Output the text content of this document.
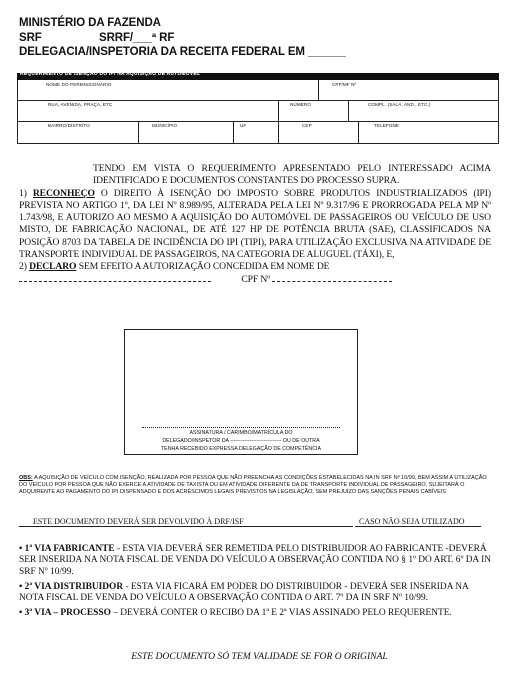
MINISTÉRIO DA FAZENDA
SRF	SRRF/___ª RF
DELEGACIA/INSPETORIA DA RECEITA FEDERAL EM ______
REQUERIMENTO DE ISENÇÃO DO IPI NA AQUISIÇÃO DE AUTOMÓVEL
NOME DO PERMISSIONÁRIO	CPF/MF Nº
RUA, AVENIDA, PRAÇA, ETC	NÚMERO	COMPL. (SALA, AND., ETC.)
BAIRRO/DISTRITO	MUNICÍPIO	UF	CEP	TELEFONE
TENDO EM VISTA O REQUERIMENTO APRESENTADO PELO INTERESSADO ACIMA IDENTIFICADO E DOCUMENTOS CONSTANTES DO PROCESSO SUPRA.
1) RECONHEÇO O DIREITO À ISENÇÃO DO IMPOSTO SOBRE PRODUTOS INDUSTRIALIZADOS (IPI) PREVISTA NO ARTIGO 1º, DA LEI Nº 8.989/95, ALTERADA PELA LEI Nº 9.317/96 E PRORROGADA PELA MP Nº 1.743/98, E AUTORIZO AO MESMO A AQUISIÇÃO DO AUTOMÓVEL DE PASSAGEIROS OU VEÍCULO DE USO MISTO, DE FABRICAÇÃO NACIONAL, DE ATÉ 127 HP DE POTÊNCIA BRUTA (SAE), CLASSIFICADOS NA POSIÇÃO 8703 DA TABELA DE INCIDÊNCIA DO IPI (TIPI), PARA UTILIZAÇÃO EXCLUSIVA NA ATIVIDADE DE TRANSPORTE INDIVIDUAL DE PASSAGEIROS, NA CATEGORIA DE ALUGUEL (TÁXI), E,
2) DECLARO SEM EFEITO A AUTORIZAÇÃO CONCEDIDA EM NOME DE
CPF Nº
ASSINATURA / CARIMBO/MATRÍCULA DO
DELEGADO/INSPETOR DA ----------------------------- OU DE OUTRA
TENHA RECEBIDO EXPRESSA DELEGAÇÃO DE COMPETÊNCIA
OBS: A AQUISIÇÃO DE VEÍCULO COM ISENÇÃO, REALIZADA POR PESSOA QUE NÃO PREENCHA AS CONDIÇÕES ESTABELECIDAS NA IN SRF Nº 10/99, BEM ASSIM A UTILIZAÇÃO DO VEÍCULO POR PESSOA QUE NÃO EXERCE A ATIVIDADE DE TAXISTA OU EM ATIVIDADE DIFERENTE DA DE TRANSPORTE INDIVIDUAL DE PASSAGEIRO, SUJEITARÁ O ADQUIRENTE AO PAGAMENTO DO IPI DISPENSADO E DOS ACRÉSCIMOS LEGAIS PREVISTOS NA LEGISLAÇÃO, SEM PREJUÍZO DAS SANÇÕES PENAIS CABÍVEIS
ESTE DOCUMENTO DEVERÁ SER DEVOLVIDO À DRF/ISF	CASO NÃO SEJA UTILIZADO

• 1ª VIA FABRICANTE - ESTA VIA DEVERÁ SER REMETIDA PELO DISTRIBUIDOR AO FABRICANTE -DEVERÁ SER INSERIDA NA NOTA FISCAL DE VENDA DO VEÍCULO A OBSERVAÇÃO CONTIDA NO § 1º DO ART. 6º DA IN SRF Nº 10/99.

• 2ª VIA DISTRIBUIDOR - ESTA VIA FICARÁ EM PODER DO DISTRIBUIDOR - DEVERÁ SER INSERIDA NA NOTA FISCAL DE VENDA DO VEÍCULO A OBSERVAÇÃO CONTIDA O ART. 7º DA IN SRF Nº 10/99.

• 3ª VIA – PROCESSO – DEVERÁ CONTER O RECIBO DA 1ª E 2ª VIAS ASSINADO PELO REQUERENTE.

ESTE DOCUMENTO SÓ TEM VALIDADE SE FOR O ORIGINAL
